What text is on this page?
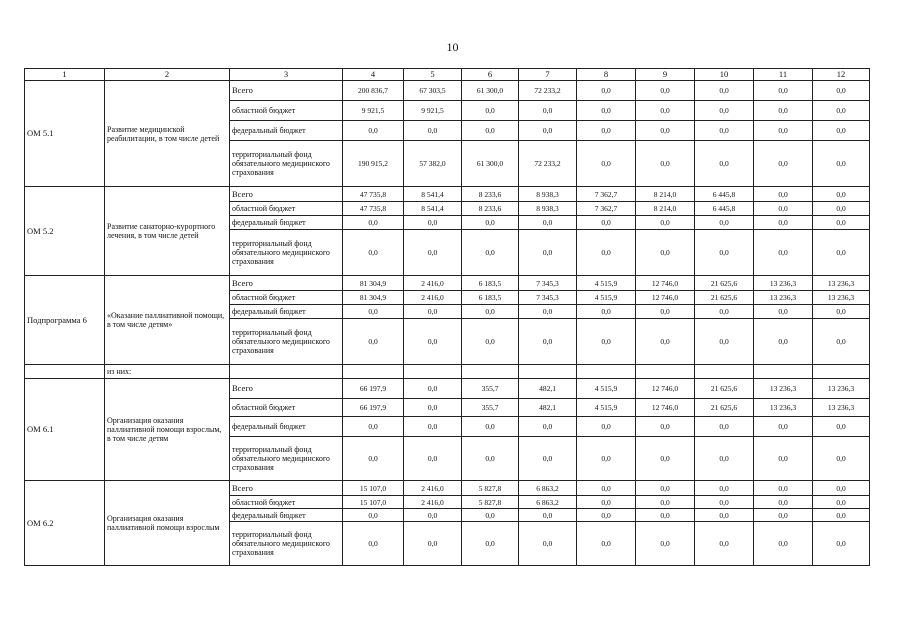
10
1	2	3	4	5	6	7	8	9	10	11	12
ОМ 5.1	Развитие медицинской реабилитации, в том числе детей	Всего	200 836,7	67 303,5	61 300,0	72 233,2	0,0	0,0	0,0	0,0	0,0
		областной бюджет	9 921,5	9 921,5	0,0	0,0	0,0	0,0	0,0	0,0	0,0
		федеральный бюджет	0,0	0,0	0,0	0,0	0,0	0,0	0,0	0,0	0,0
		территориальный фонд обязательного медицинского страхования	190 915,2	57 382,0	61 300,0	72 233,2	0,0	0,0	0,0	0,0	0,0
ОМ 5.2	Развитие санаторно-курортного лечения, в том числе детей	Всего	47 735,8	8 541,4	8 233,6	8 938,3	7 362,7	8 214,0	6 445,8	0,0	0,0
		областной бюджет	47 735,8	8 541,4	8 233,6	8 938,3	7 362,7	8 214,0	6 445,8	0,0	0,0
		федеральный бюджет	0,0	0,0	0,0	0,0	0,0	0,0	0,0	0,0	0,0
		территориальный фонд обязательного медицинского страхования	0,0	0,0	0,0	0,0	0,0	0,0	0,0	0,0	0,0
Подпрограмма 6	«Оказание паллиативной помощи, в том числе детям»	Всего	81 304,9	2 416,0	6 183,5	7 345,3	4 515,9	12 746,0	21 625,6	13 236,3	13 236,3
		областной бюджет	81 304,9	2 416,0	6 183,5	7 345,3	4 515,9	12 746,0	21 625,6	13 236,3	13 236,3
		федеральный бюджет	0,0	0,0	0,0	0,0	0,0	0,0	0,0	0,0	0,0
		территориальный фонд обязательного медицинского страхования	0,0	0,0	0,0	0,0	0,0	0,0	0,0	0,0	0,0
	из них:										
ОМ 6.1	Организация оказания паллиативной помощи взрослым, в том числе детям	Всего	66 197,9	0,0	355,7	482,1	4 515,9	12 746,0	21 625,6	13 236,3	13 236,3
		областной бюджет	66 197,9	0,0	355,7	482,1	4 515,9	12 746,0	21 625,6	13 236,3	13 236,3
		федеральный бюджет	0,0	0,0	0,0	0,0	0,0	0,0	0,0	0,0	0,0
		территориальный фонд обязательного медицинского страхования	0,0	0,0	0,0	0,0	0,0	0,0	0,0	0,0	0,0
ОМ 6.2	Организация оказания паллиативной помощи взрослым	Всего	15 107,0	2 416,0	5 827,8	6 863,2	0,0	0,0	0,0	0,0	0,0
		областной бюджет	15 107,0	2 416,0	5 827,8	6 863,2	0,0	0,0	0,0	0,0	0,0
		федеральный бюджет	0,0	0,0	0,0	0,0	0,0	0,0	0,0	0,0	0,0
		территориальный фонд обязательного медицинского страхования	0,0	0,0	0,0	0,0	0,0	0,0	0,0	0,0	0,0
